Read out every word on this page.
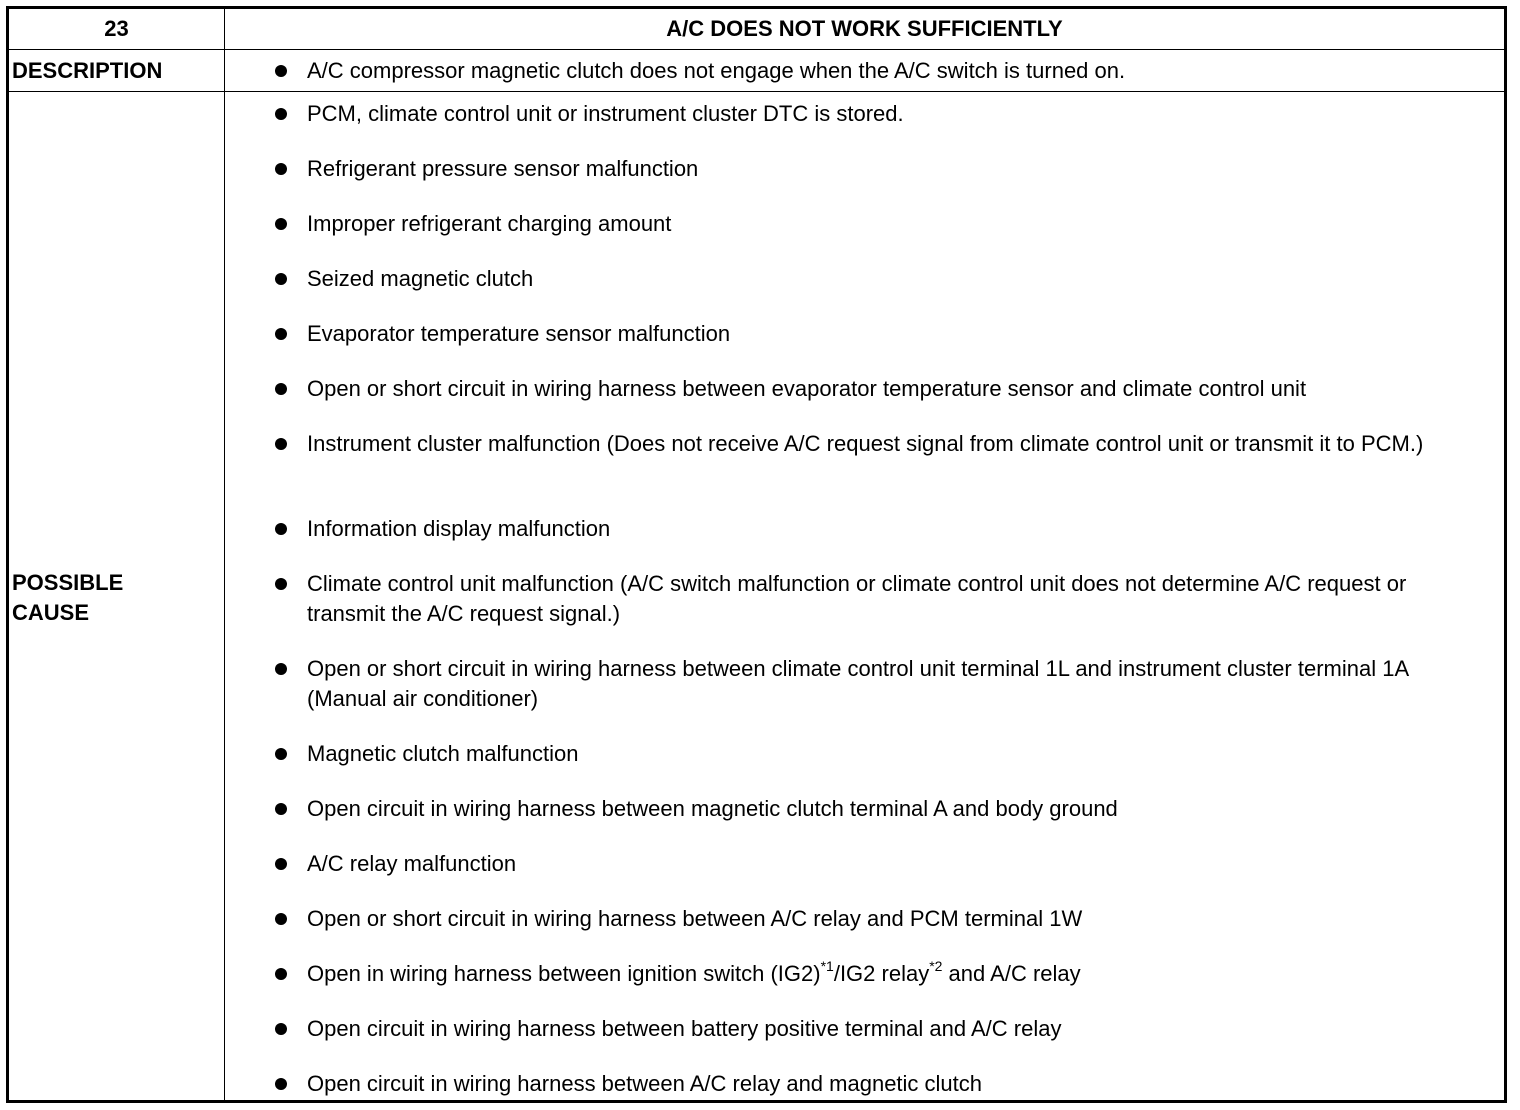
23	A/C DOES NOT WORK SUFFICIENTLY
DESCRIPTION	A/C compressor magnetic clutch does not engage when the A/C switch is turned on.
POSSIBLE
CAUSE
PCM, climate control unit or instrument cluster DTC is stored.
Refrigerant pressure sensor malfunction
Improper refrigerant charging amount
Seized magnetic clutch
Evaporator temperature sensor malfunction
Open or short circuit in wiring harness between evaporator temperature sensor and climate control unit
Instrument cluster malfunction (Does not receive A/C request signal from climate control unit or transmit it to PCM.)
Information display malfunction
Climate control unit malfunction (A/C switch malfunction or climate control unit does not determine A/C request or transmit the A/C request signal.)
Open or short circuit in wiring harness between climate control unit terminal 1L and instrument cluster terminal 1A (Manual air conditioner)
Magnetic clutch malfunction
Open circuit in wiring harness between magnetic clutch terminal A and body ground
A/C relay malfunction
Open or short circuit in wiring harness between A/C relay and PCM terminal 1W
Open in wiring harness between ignition switch $(IG2)^{*1}/IG2$ relay$^{*2}$ and A/C relay
Open circuit in wiring harness between battery positive terminal and A/C relay
Open circuit in wiring harness between A/C relay and magnetic clutch
